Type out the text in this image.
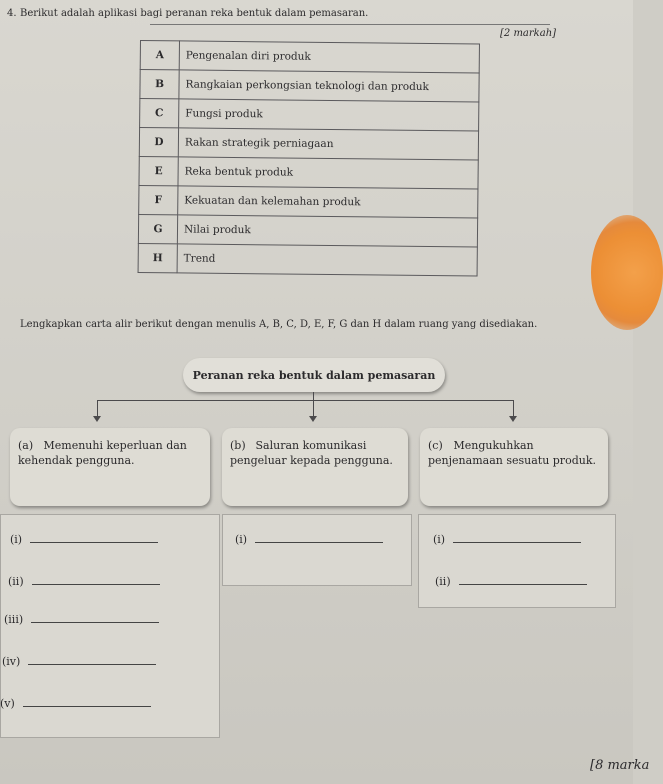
4. Berikut adalah aplikasi bagi peranan reka bentuk dalam pemasaran.
[2 markah]
A	Pengenalan diri produk
B	Rangkaian perkongsian teknologi dan produk
C	Fungsi produk
D	Rakan strategik perniagaan
E	Reka bentuk produk
F	Kekuatan dan kelemahan produk
G	Nilai produk
H	Trend
Lengkapkan carta alir berikut dengan menulis A, B, C, D, E, F, G dan H dalam ruang yang disediakan.
Peranan reka bentuk dalam pemasaran
(a) Memenuhi keperluan dan kehendak pengguna.
(b) Saluran komunikasi pengeluar kepada pengguna.
(c) Mengukuhkan penjenamaan sesuatu produk.
(i)
(ii)
(iii)
(iv)
(v)
(i)	(i)
(ii)
[8 marka
